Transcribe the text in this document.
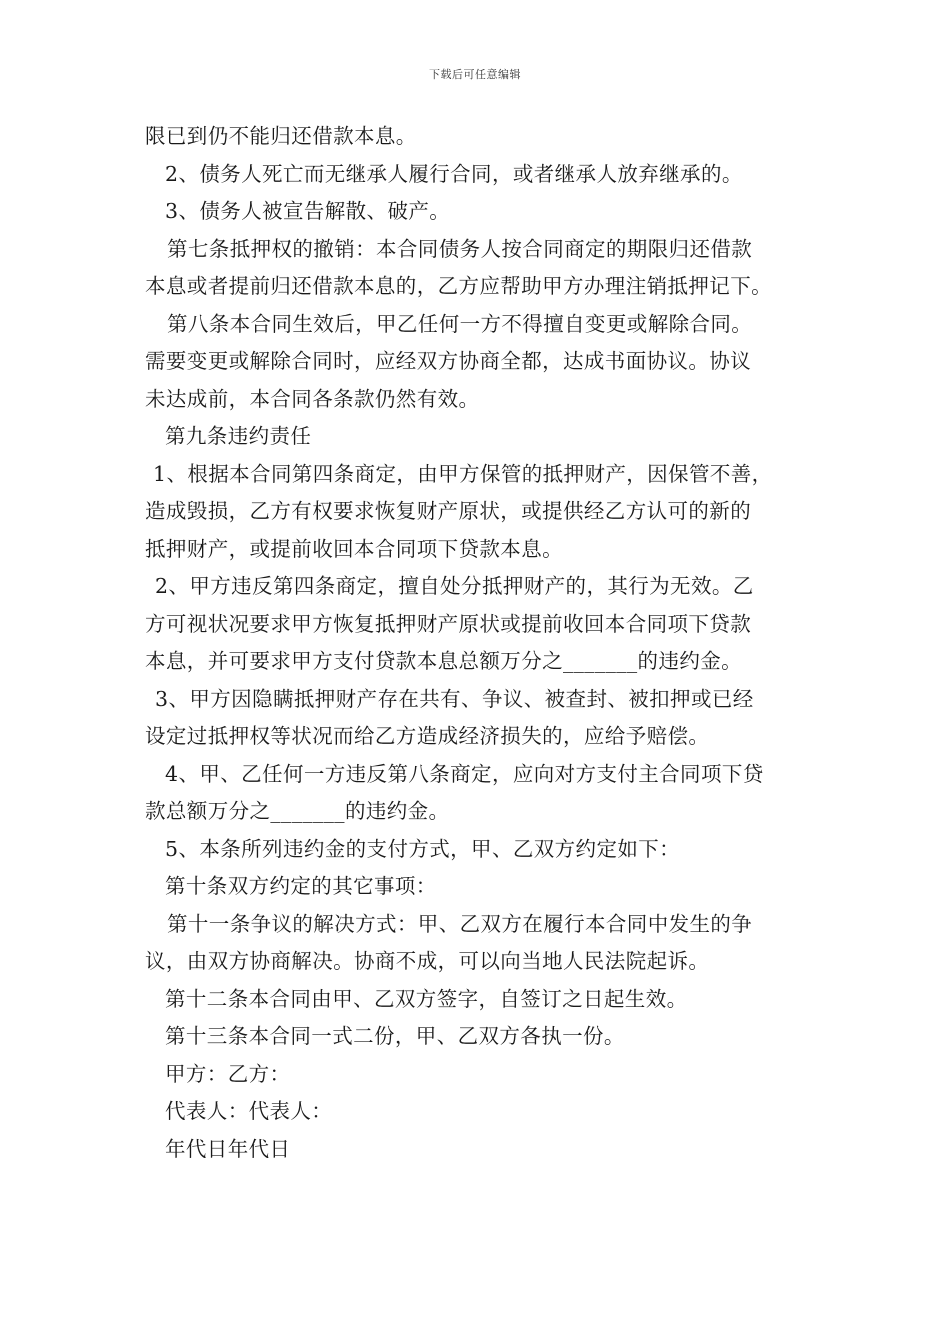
下载后可任意编辑
限已到仍不能归还借款本息。
2、债务人死亡而无继承人履行合同，或者继承人放弃继承的。
3、债务人被宣告解散、破产。
第七条抵押权的撤销：本合同债务人按合同商定的期限归还借款
本息或者提前归还借款本息的，乙方应帮助甲方办理注销抵押记下。
第八条本合同生效后，甲乙任何一方不得擅自变更或解除合同。
需要变更或解除合同时，应经双方协商全都，达成书面协议。协议
未达成前，本合同各条款仍然有效。
第九条违约责任
1、根据本合同第四条商定，由甲方保管的抵押财产，因保管不善，
造成毁损，乙方有权要求恢复财产原状，或提供经乙方认可的新的
抵押财产，或提前收回本合同项下贷款本息。
2、甲方违反第四条商定，擅自处分抵押财产的，其行为无效。乙
方可视状况要求甲方恢复抵押财产原状或提前收回本合同项下贷款
本息，并可要求甲方支付贷款本息总额万分之_______的违约金。
3、甲方因隐瞒抵押财产存在共有、争议、被查封、被扣押或已经
设定过抵押权等状况而给乙方造成经济损失的，应给予赔偿。
4、甲、乙任何一方违反第八条商定，应向对方支付主合同项下贷
款总额万分之_______的违约金。
5、本条所列违约金的支付方式，甲、乙双方约定如下：
第十条双方约定的其它事项：
第十一条争议的解决方式：甲、乙双方在履行本合同中发生的争
议，由双方协商解决。协商不成，可以向当地人民法院起诉。
第十二条本合同由甲、乙双方签字，自签订之日起生效。
第十三条本合同一式二份，甲、乙双方各执一份。
甲方：乙方：
代表人：代表人：
年代日年代日
